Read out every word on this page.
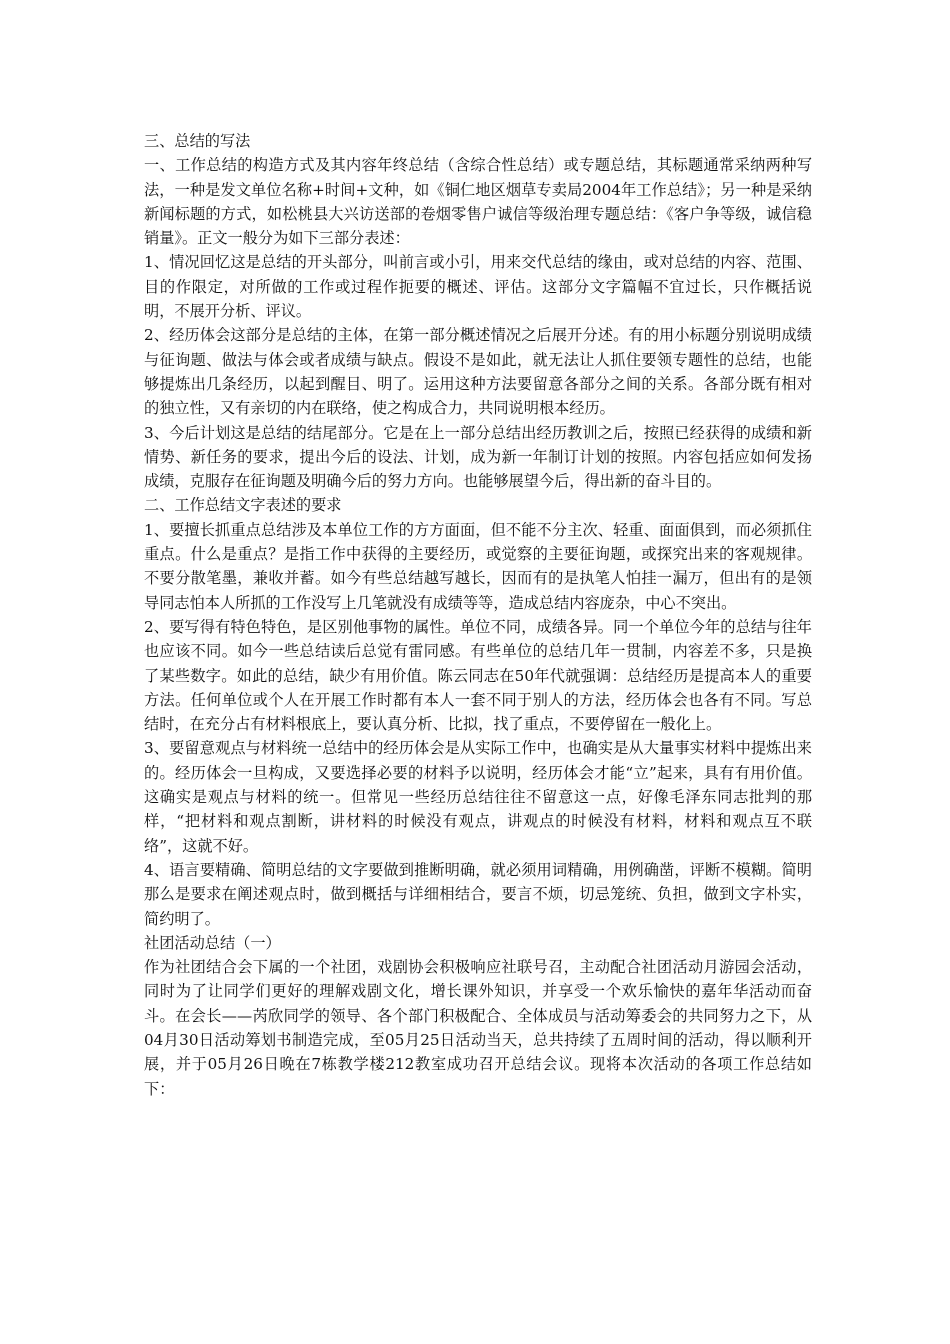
三、总结的写法

一、工作总结的构造方式及其内容年终总结（含综合性总结）或专题总结，其标题通常采纳两种写法，一种是发文单位名称+时间+文种，如《铜仁地区烟草专卖局2004年工作总结》；另一种是采纳新闻标题的方式，如松桃县大兴访送部的卷烟零售户诚信等级治理专题总结：《客户争等级，诚信稳销量》。正文一般分为如下三部分表述：

1、情况回忆这是总结的开头部分，叫前言或小引，用来交代总结的缘由，或对总结的内容、范围、目的作限定，对所做的工作或过程作扼要的概述、评估。这部分文字篇幅不宜过长，只作概括说明，不展开分析、评议。

2、经历体会这部分是总结的主体，在第一部分概述情况之后展开分述。有的用小标题分别说明成绩与征询题、做法与体会或者成绩与缺点。假设不是如此，就无法让人抓住要领专题性的总结，也能够提炼出几条经历，以起到醒目、明了。运用这种方法要留意各部分之间的关系。各部分既有相对的独立性，又有亲切的内在联络，使之构成合力，共同说明根本经历。

3、今后计划这是总结的结尾部分。它是在上一部分总结出经历教训之后，按照已经获得的成绩和新情势、新任务的要求，提出今后的设法、计划，成为新一年制订计划的按照。内容包括应如何发扬成绩，克服存在征询题及明确今后的努力方向。也能够展望今后，得出新的奋斗目的。

二、工作总结文字表述的要求

1、要擅长抓重点总结涉及本单位工作的方方面面，但不能不分主次、轻重、面面俱到，而必须抓住重点。什么是重点？是指工作中获得的主要经历，或觉察的主要征询题，或探究出来的客观规律。不要分散笔墨，兼收并蓄。如今有些总结越写越长，因而有的是执笔人怕挂一漏万，但出有的是领导同志怕本人所抓的工作没写上几笔就没有成绩等等，造成总结内容庞杂，中心不突出。

2、要写得有特色特色，是区别他事物的属性。单位不同，成绩各异。同一个单位今年的总结与往年也应该不同。如今一些总结读后总觉有雷同感。有些单位的总结几年一贯制，内容差不多，只是换了某些数字。如此的总结，缺少有用价值。陈云同志在50年代就强调：总结经历是提高本人的重要方法。任何单位或个人在开展工作时都有本人一套不同于别人的方法，经历体会也各有不同。写总结时，在充分占有材料根底上，要认真分析、比拟，找了重点，不要停留在一般化上。

3、要留意观点与材料统一总结中的经历体会是从实际工作中，也确实是从大量事实材料中提炼出来的。经历体会一旦构成，又要选择必要的材料予以说明，经历体会才能“立”起来，具有有用价值。这确实是观点与材料的统一。但常见一些经历总结往往不留意这一点，好像毛泽东同志批判的那样，“把材料和观点割断，讲材料的时候没有观点，讲观点的时候没有材料，材料和观点互不联络”，这就不好。

4、语言要精确、简明总结的文字要做到推断明确，就必须用词精确，用例确凿，评断不模糊。简明那么是要求在阐述观点时，做到概括与详细相结合，要言不烦，切忌笼统、负担，做到文字朴实，简约明了。

社团活动总结（一）

作为社团结合会下属的一个社团，戏剧协会积极响应社联号召，主动配合社团活动月游园会活动，同时为了让同学们更好的理解戏剧文化，增长课外知识，并享受一个欢乐愉快的嘉年华活动而奋斗。在会长——芮欣同学的领导、各个部门积极配合、全体成员与活动筹委会的共同努力之下，从04月30日活动筹划书制造完成，至05月25日活动当天，总共持续了五周时间的活动，得以顺利开展，并于05月26日晚在7栋教学楼212教室成功召开总结会议。现将本次活动的各项工作总结如下：
